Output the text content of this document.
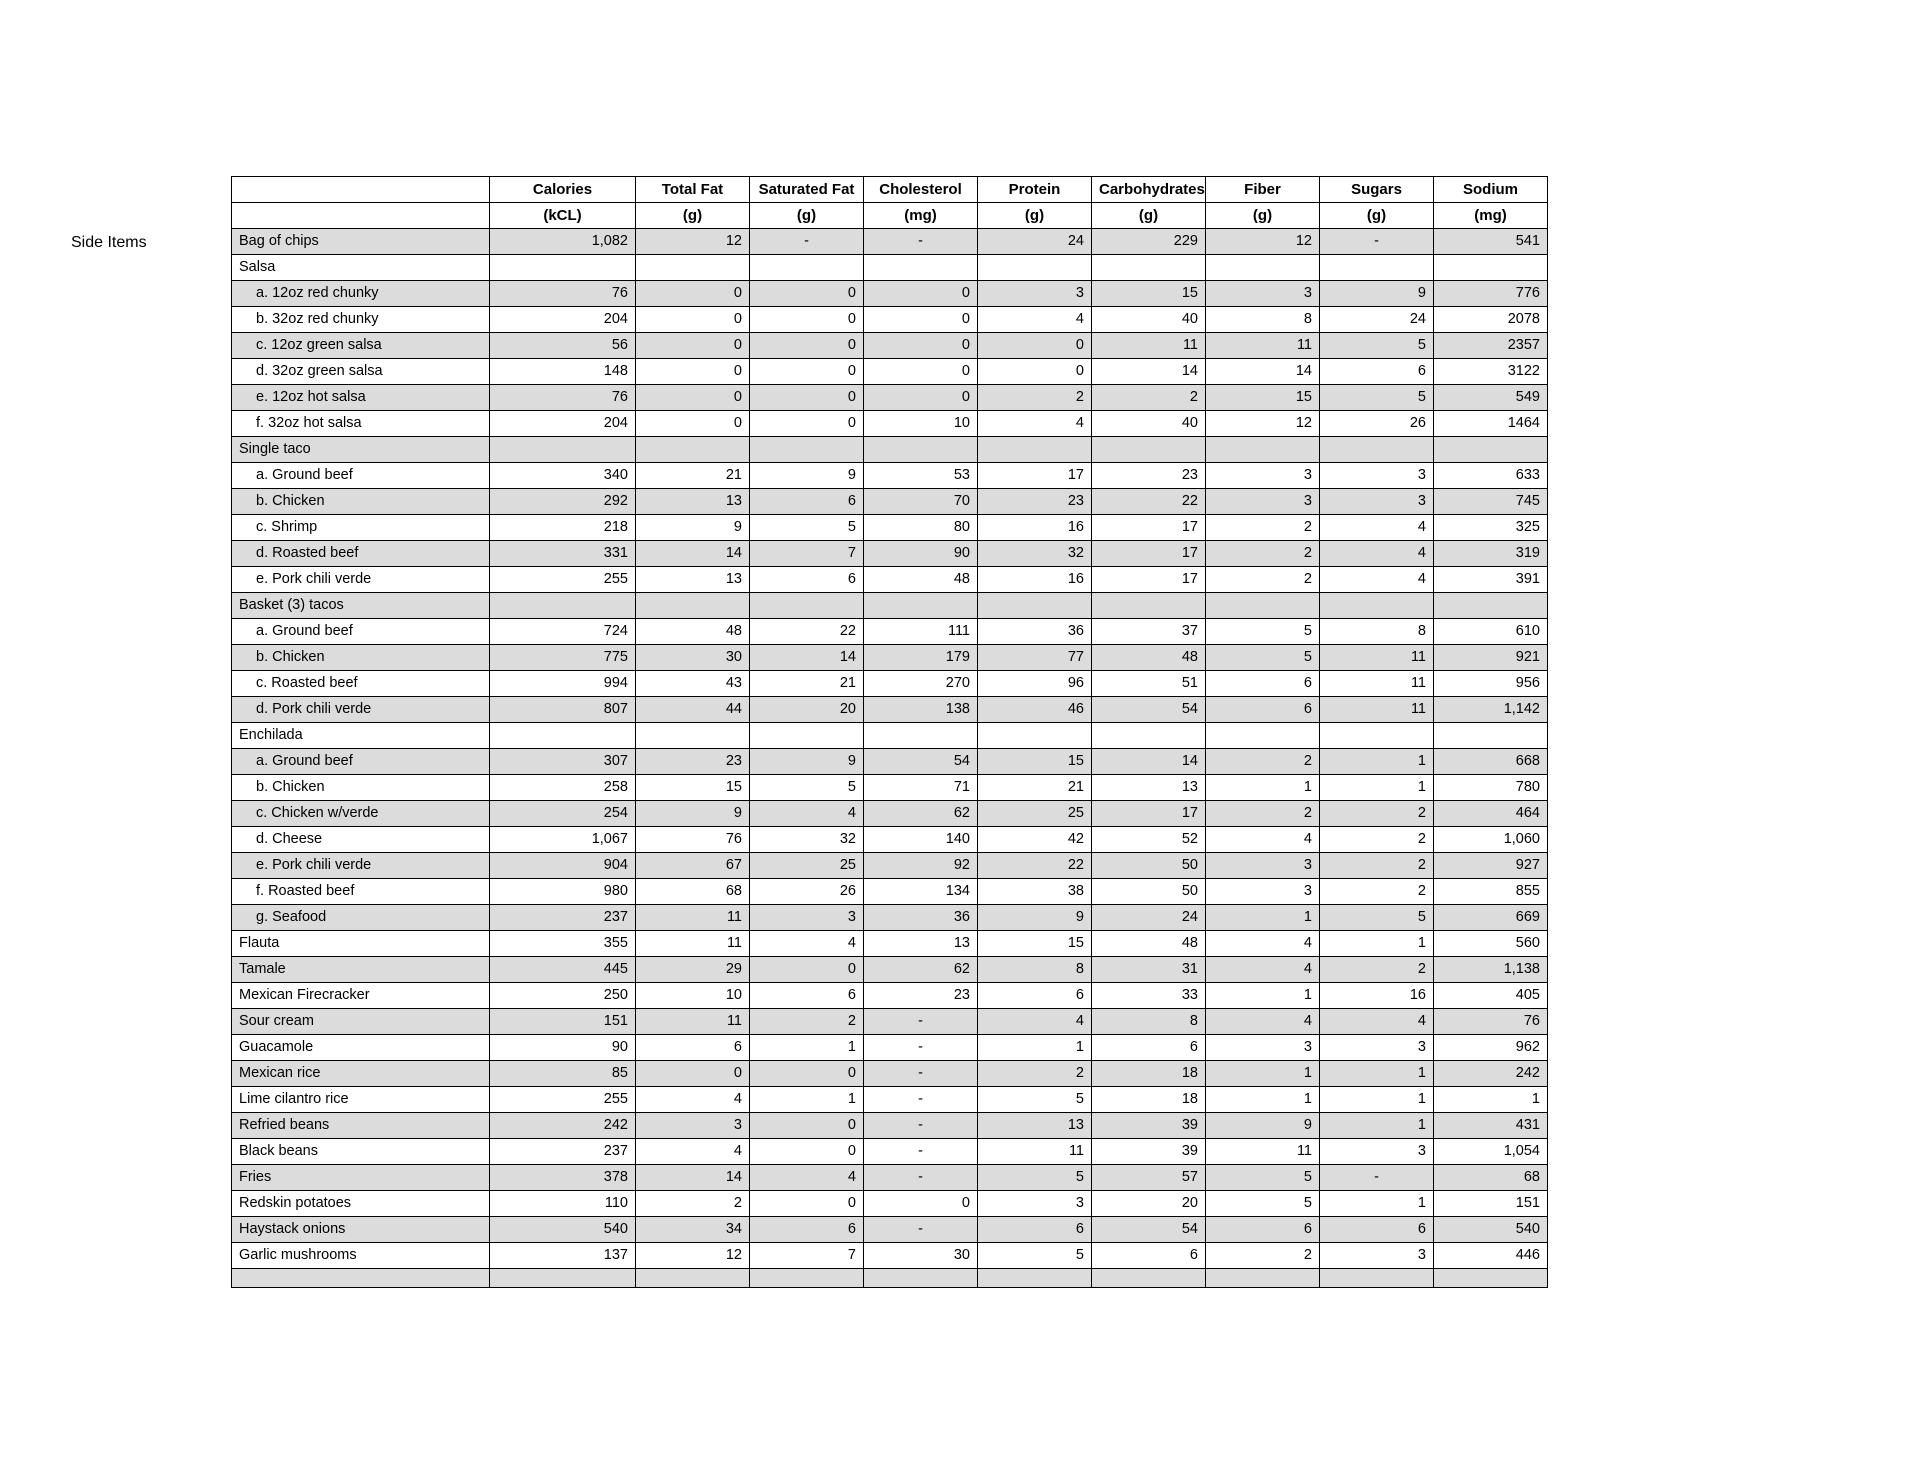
Side Items
	Calories	Total Fat	Saturated Fat	Cholesterol	Protein	Carbohydrates	Fiber	Sugars	Sodium
	(kCL)	(g)	(g)	(mg)	(g)	(g)	(g)	(g)	(mg)
Bag of chips	1,082	12	-	-	24	229	12	-	541
Salsa									
a. 12oz red chunky	76	0	0	0	3	15	3	9	776
b. 32oz red chunky	204	0	0	0	4	40	8	24	2078
c. 12oz green salsa	56	0	0	0	0	11	11	5	2357
d. 32oz green salsa	148	0	0	0	0	14	14	6	3122
e. 12oz hot salsa	76	0	0	0	2	2	15	5	549
f. 32oz hot salsa	204	0	0	10	4	40	12	26	1464
Single taco									
a. Ground beef	340	21	9	53	17	23	3	3	633
b. Chicken	292	13	6	70	23	22	3	3	745
c. Shrimp	218	9	5	80	16	17	2	4	325
d. Roasted beef	331	14	7	90	32	17	2	4	319
e. Pork chili verde	255	13	6	48	16	17	2	4	391
Basket (3) tacos									
a. Ground beef	724	48	22	111	36	37	5	8	610
b. Chicken	775	30	14	179	77	48	5	11	921
c. Roasted beef	994	43	21	270	96	51	6	11	956
d. Pork chili verde	807	44	20	138	46	54	6	11	1,142
Enchilada									
a. Ground beef	307	23	9	54	15	14	2	1	668
b. Chicken	258	15	5	71	21	13	1	1	780
c. Chicken w/verde	254	9	4	62	25	17	2	2	464
d. Cheese	1,067	76	32	140	42	52	4	2	1,060
e. Pork chili verde	904	67	25	92	22	50	3	2	927
f. Roasted beef	980	68	26	134	38	50	3	2	855
g. Seafood	237	11	3	36	9	24	1	5	669
Flauta	355	11	4	13	15	48	4	1	560
Tamale	445	29	0	62	8	31	4	2	1,138
Mexican Firecracker	250	10	6	23	6	33	1	16	405
Sour cream	151	11	2	-	4	8	4	4	76
Guacamole	90	6	1	-	1	6	3	3	962
Mexican rice	85	0	0	-	2	18	1	1	242
Lime cilantro rice	255	4	1	-	5	18	1	1	1
Refried beans	242	3	0	-	13	39	9	1	431
Black beans	237	4	0	-	11	39	11	3	1,054
Fries	378	14	4	-	5	57	5	-	68
Redskin potatoes	110	2	0	0	3	20	5	1	151
Haystack onions	540	34	6	-	6	54	6	6	540
Garlic mushrooms	137	12	7	30	5	6	2	3	446
